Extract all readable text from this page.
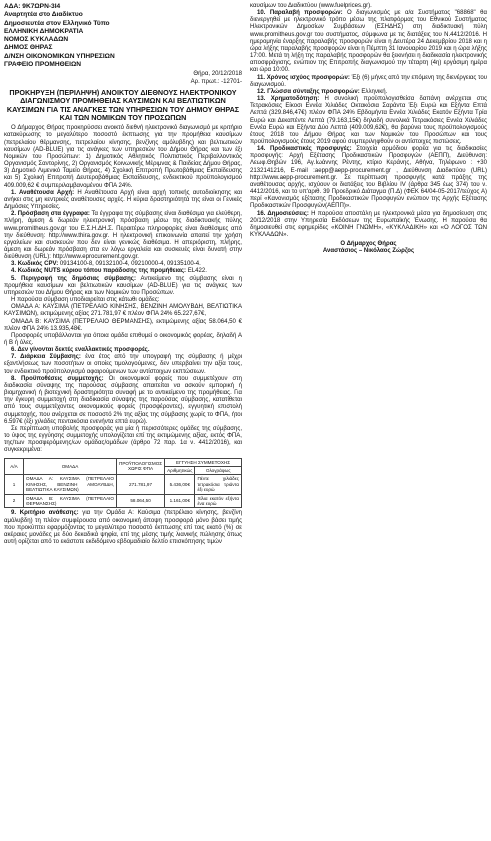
ΑΔΑ: 9K7ΩΡΝ-3Ι4
Αναρτητέα στο Διαδίκτυο
Δημοσιευτέα στον Ελληνικό Τύπο
ΕΛΛΗΝΙΚΗ ΔΗΜΟΚΡΑΤΙΑ
ΝΟΜΟΣ ΚΥΚΛΑΔΩΝ
ΔΗΜΟΣ ΘΗΡΑΣ
Δ/ΝΣΗ ΟΙΚΟΝΟΜΙΚΩΝ ΥΠΗΡΕΣΙΩΝ
ΓΡΑΦΕΙΟ ΠΡΟΜΗΘΕΙΩΝ
Θήρα, 20/12/2018
Αρ. πρωτ.: -12701-
ΠΡΟΚΗΡΥΞΗ (ΠΕΡΙΛΗΨΗ) ΑΝΟΙΚΤΟΥ ΔΙΕΘΝΟΥΣ ΗΛΕΚΤΡΟΝΙΚΟΥ ΔΙΑΓΩΝΙΣΜΟΥ ΠΡΟΜΗΘΕΙΑΣ ΚΑΥΣΙΜΩΝ ΚΑΙ ΒΕΛΤΙΩΤΙΚΩΝ ΚΑΥΣΙΜΩΝ ΓΙΑ ΤΙΣ ΑΝΑΓΚΕΣ ΤΩΝ ΥΠΗΡΕΣΙΩΝ ΤΟΥ ΔΗΜΟΥ ΘΗΡΑΣ ΚΑΙ ΤΩΝ ΝΟΜΙΚΩΝ ΤΟΥ ΠΡΟΣΩΠΩΝ

Ο Δήμαρχος Θήρας προκηρύσσει ανοικτό διεθνή ηλεκτρονικό διαγωνισμό με κριτήριο κατακύρωσης το μεγαλύτερο ποσοστό έκπτωσης για την προμήθεια καυσίμων (πετρελαίου θέρμανσης, πετρελαίου κίνησης, βενζίνης αμόλυβδης) και βελτιωτικών καυσίμων (AD-BLUE) για τις ανάγκες των υπηρεσιών του Δήμου Θήρας και των έξι Νομικών του Προσώπων: 1) Δημοτικός Αθλητικός Πολιτιστικός Περιβαλλοντικός Οργανισμός Σαντορίνης, 2) Οργανισμός Κοινωνικής Μέριμνας & Παιδείας Δήμου Θήρας, 3) Δημοτικό Λιμενικό Ταμείο Θήρας, 4) Σχολική Επιτροπή Πρωτοβάθμιας Εκπαίδευσης και 5) Σχολική Επιτροπή Δευτεροβάθμιας Εκπαίδευσης, ενδεικτικού προϋπολογισμού 409.009,62 € συμπεριλαμβανομένου ΦΠΑ 24%.

1. Αναθέτουσα Αρχή: Η Αναθέτουσα Αρχή είναι αρχή τοπικής αυτοδιοίκησης και ανήκει στις μη κεντρικές αναθέτουσες αρχές. Η κύρια δραστηριότητά της είναι οι Γενικές Δημόσιες Υπηρεσίες.

2. Πρόσβαση στα έγγραφα: Τα έγγραφα της σύμβασης είναι διαθέσιμα για ελεύθερη, πλήρη, άμεση & δωρεάν ηλεκτρονική πρόσβαση μέσω της διαδικτυακής πύλης www.promitheus.gov.gr του Ε.Σ.Η.ΔΗ.Σ. Περαιτέρω πληροφορίες είναι διαθέσιμες από την διεύθυνση: http://www.thira.gov.gr. Η ηλεκτρονική επικοινωνία απαιτεί την χρήση εργαλείων και συσκευών που δεν είναι γενικώς διαθέσιμα. Η απεριόριστη, πλήρης, άμεση και δωρεάν πρόσβαση στα εν λόγω εργαλεία και συσκευές είναι δυνατή στην διεύθυνση (URL): http://www.eprocurement.gov.gr.

3. Κωδικός CPV: 09134100-8, 09132100-4, 09210000-4, 09135100-4.

4. Κωδικός NUTS κύριου τόπου παράδοσης της προμήθειας: EL422.

5. Περιγραφή της δημόσιας σύμβασης: Αντικείμενο της σύμβασης είναι η προμήθεια καυσίμων και βελτιωτικών καυσίμων (AD-BLUE) για τις ανάγκες των υπηρεσιών του Δήμου Θήρας και των Νομικών του Προσώπων.

Η παρούσα σύμβαση υποδιαιρείται στις κάτωθι ομάδες:

ΟΜΑΔΑ Α: ΚΑΥΣΙΜΑ (ΠΕΤΡΕΛΑΙΟ ΚΙΝΗΣΗΣ, ΒΕΝΖΙΝΗ ΑΜΟΛΥΒΔΗ, ΒΕΛΤΙΩΤΙΚΑ ΚΑΥΣΙΜΩΝ), εκτιμώμενης αξίας 271.781,97 € πλέον ΦΠΑ 24% 65.227,67€,

ΟΜΑΔΑ Β: ΚΑΥΣΙΜΑ (ΠΕΤΡΕΛΑΙΟ ΘΕΡΜΑΝΣΗΣ), εκτιμώμενης αξίας 58.064,50 € πλέον ΦΠΑ 24% 13.935,48€.

Προσφορές υποβάλλονται για όποια ομάδα επιθυμεί ο οικονομικός φορέας, δηλαδή Α ή Β ή όλες.

6. Δεν γίνονται δεκτές εναλλακτικές προσφορές.

7. Διάρκεια Σύμβασης: ένα έτος από την υπογραφή της σύμβασης ή μέχρι εξαντλήσεως των ποσοτήτων οι οποίες τιμολογούμενες, δεν υπερβαίνει την αξία τους, τον ενδεικτικό προϋπολογισμό αφαιρούμενων των αντίστοιχων εκπτώσεων.

8. Προϋποθέσεις συμμετοχής: Οι οικονομικοί φορείς που συμμετέχουν στη διαδικασία σύναψης της παρούσας σύμβασης απαιτείται να ασκούν εμπορική ή βιομηχανική ή βιοτεχνική δραστηριότητα συναφή με το αντικείμενο της προμήθειας. Για την έγκυρη συμμετοχή στη διαδικασία σύναψης της παρούσας σύμβασης, κατατίθεται από τους συμμετέχοντες οικονομικούς φορείς (προσφέροντες), εγγυητική επιστολή συμμετοχής, που ανέρχεται σε ποσοστό 2% της αξίας της σύμβασης χωρίς το ΦΠΑ, ήτοι 6.597€ (έξι χιλιάδες πεντακόσια ενενήντα επτά ευρώ).

Σε περίπτωση υποβολής προσφοράς για μία ή περισσότερες ομάδες της σύμβασης, το ύψος της εγγύησης συμμετοχής υπολογίζεται επί της εκτιμώμενης αξίας, εκτός ΦΠΑ, της/των προσφερόμενης/ων ομάδας/ομάδων (άρθρο 72 παρ. 1α ν. 4412/2016), και συγκεκριμένα:

Α/Α	ΟΜΑΔΑ	ΠΡΟΫΠΟΛΟΓΙΣΜΟΣ ΧΩΡΙΣ ΦΠΑ	ΕΓΓΥΗΣΗ ΣΥΜΜΕΤΟΧΗΣ	
			Αριθμητικώς	Ολογράφως
1	ΟΜΑΔΑ Α: ΚΑΥΣΙΜΑ (ΠΕΤΡΕΛΑΙΟ ΚΙΝΗΣΗΣ, ΒΕΝΖΙΝΗ ΑΜΟΛΥΒΔΗ, ΒΕΛΤΙΩΤΙΚΑ ΚΑΥΣΙΜΩΝ)	271.781,97	5.436,00€	Πέντε χιλιάδες τετρακόσια τριάντα έξι ευρώ
2	ΟΜΑΔΑ Β: ΚΑΥΣΙΜΑ (ΠΕΤΡΕΛΑΙΟ ΘΕΡΜΑΝΣΗΣ)	58.064,50	1.161,00€	Χίλια εκατόν εξήντα ένα ευρώ

9. Κριτήριο ανάθεσης: για την Ομάδα Α: Καύσιμα (πετρέλαιο κίνησης, βενζίνη αμόλυβδη) τη πλέον συμφέρουσα από οικονομική άποψη προσφορά μόνο βάσει τιμής που προκύπτει εφαρμόζοντας το μεγαλύτερο ποσοστό έκπτωσης επί τοις εκατό (%) σε ακέραιες μονάδες με δύο δεκαδικά ψηφία, επί της μέσης τιμής λιανικής πώλησης όπως αυτή ορίζεται από το εκάστοτε εκδιδόμενο εβδομαδιαίο δελτίο επισκόπησης τιμών

καυσίμων του Διαδικτύου (www.fuelprices.gr).

10. Παραλαβή προσφορών: Ο διαγωνισμός με α/α Συστήματος "68868" θα διενεργηθεί με ηλεκτρονικό τρόπο μέσω της πλατφόρμας του Εθνικού Συστήματος Ηλεκτρονικών Δημοσίων Συμβάσεων (ΕΣΗΔΗΣ) στη διαδικτυακή πύλη www.promitheus.gov.gr του συστήματος, σύμφωνα με τις διατάξεις του Ν.4412/2016. Η ημερομηνία έναρξης παραλαβής προσφορών είναι η Δευτέρα 24 Δεκεμβρίου 2018 και η ώρα λήξης παραλαβής προσφορών είναι η Πέμπτη 31 Ιανουαρίου 2019 και η ώρα λήξης 17:00. Μετά τη λήξη της παραλαβής προσφορών θα ξεκινήσει η διαδικασία ηλεκτρονικής αποσφράγισης, ενώπιον της Επιτροπής διαγωνισμού την τέταρτη (4η) εργάσιμη ημέρα και ώρα 10:00.

11. Χρόνος ισχύος προσφορών: Έξι (6) μήνες από την επόμενη της διενέργειας του διαγωνισμού.

12. Γλώσσα σύνταξης προσφορών: Ελληνική.

13. Χρηματοδότηση: Η συνολική προϋπολογισθείσα δαπάνη ανέρχεται στις Τετρακόσιες Είκοσι Εννέα Χιλιάδες Οκτακόσια Σαράντα Έξι Ευρώ και Εξήντα Επτά Λεπτά (329.846,47€) πλέον ΦΠΑ 24% Εβδομήντα Εννέα Χιλιάδες Εκατόν Εξήντα Τρία Ευρώ και Δεκαπέντε Λεπτά (79.163,15€) δηλαδή συνολικά Τετρακόσιες Εννέα Χιλιάδες Εννέα Ευρώ και Εξήντα Δύο Λεπτά (409.009,62€), θα βαρύνει τους προϋπολογισμούς έτους 2018 του Δήμου Θήρας και των Νομικών του Προσώπων και τους προϋπολογισμούς έτους 2019 αφού συμπεριληφθούν οι αντίστοιχες πιστώσεις.

14. Προδικαστικές προσφυγές: Στοιχεία αρμόδιου φορέα για τις διαδικασίες προσφυγής: Αρχή Εξέτασης Προδικαστικών Προσφυγών (ΑΕΠΠ), Διεύθυνση: Λεωφ.Θηβών 196, Αγ.Ιωάννης Ρέντης, κτίριο Κεράνης, Αθήνα, Τηλέφωνο : +30 2132141216, E-mail :aepp@aepp-procurement.gr , Διεύθυνση Διαδικτύου (URL) http://www.aepp-procurement.gr. Σε περίπτωση προσφυγής κατά πράξης της αναθέτουσας αρχής, ισχύουν οι διατάξεις του Βιβλίου IV (άρθρα 345 έως 374) του ν. 4412/2016, και το υπ'αριθ. 39 Προεδρικό Διάταγμα (Π.Δ) (ΦΕΚ 64/04-05-2017/τεύχος Α) περί «Κανονισμός εξέτασης Προδικαστικών Προσφυγών ενώπιον της Αρχής Εξέτασης Προδικαστικών Προσφυγών(ΑΕΠΠ)».

16. Δημοσιεύσεις: Η παρούσα αποστάλη με ηλεκτρονικά μέσα για δημοσίευση στις 20/12/2018 στην Υπηρεσία Εκδόσεων της Ευρωπαϊκής Ένωσης. Η παρούσα θα δημοσιευθεί στις εφημερίδες «ΚΟΙΝΗ ΓΝΩΜΗ», «ΚΥΚΛΑΔΙΚΗ» και «Ο ΛΟΓΟΣ ΤΩΝ ΚΥΚΛΑΔΩΝ».

Ο Δήμαρχος Θήρας
Αναστάσιος – Νικόλαος Ζώρζος
